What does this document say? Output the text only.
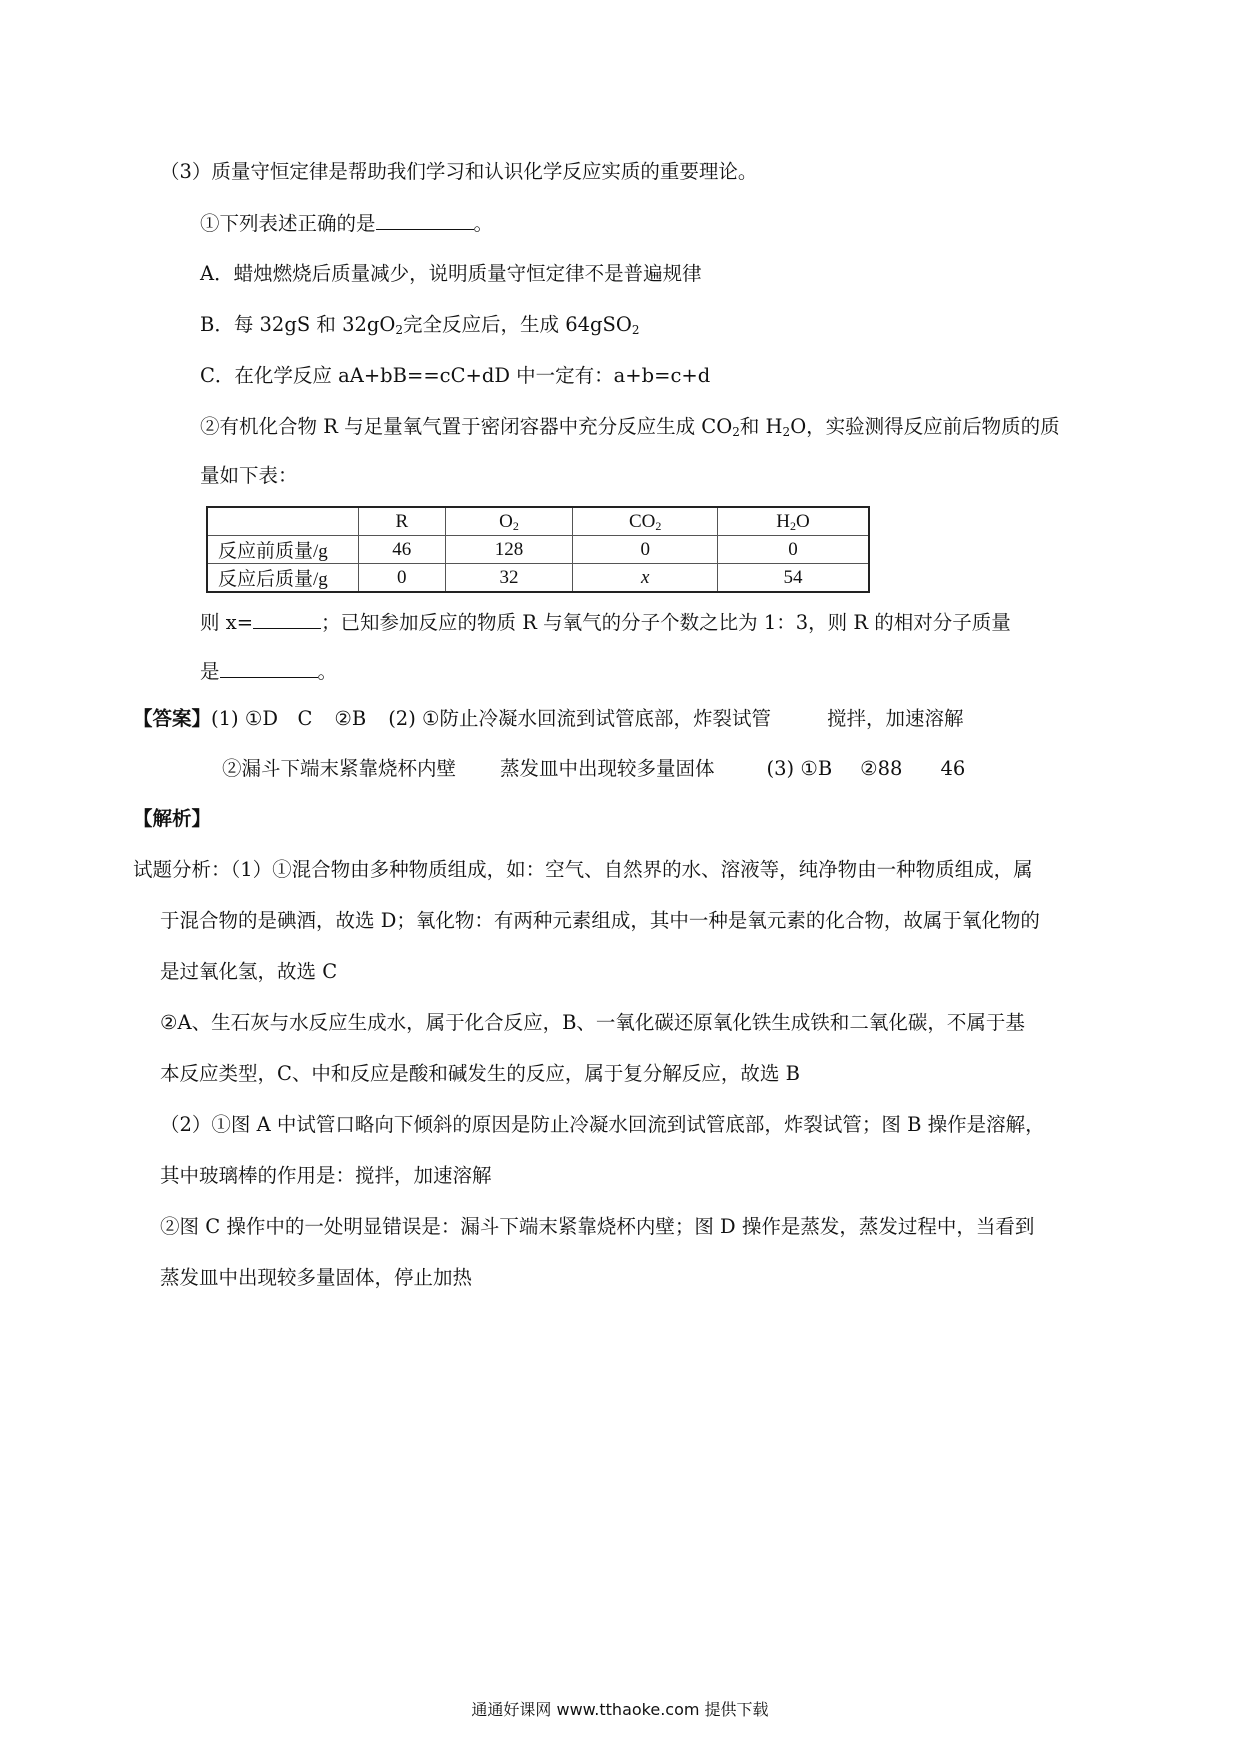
（3）质量守恒定律是帮助我们学习和认识化学反应实质的重要理论。
①下列表述正确的是	。
A．蜡烛燃烧后质量减少，说明质量守恒定律不是普遍规律
B．每 32gS 和 $32gO_2$完全反应后，生成 64gSO$_2$
C．在化学反应 aA+bB==cC+dD 中一定有：a+b=c+d
②有机化合物 R 与足量氧气置于密闭容器中充分反应生成 $CO_2$和 $H_2O$，实验测得反应前后物质的质
量如下表：
	R	$O_2$	$CO_2$	$H_2O$
反应前质量/g	46	128	0	0
反应后质量/g	0	32	x	54
则 x=	；已知参加反应的物质 R 与氧气的分子个数之比为 1：3，则 R 的相对分子质量
是	。
【答案】(1) ①D　C ②B (2) ①防止冷凝水回流到试管底部，炸裂试管	搅拌，加速溶解
②漏斗下端末紧靠烧杯内壁 蒸发皿中出现较多量固体	(3) ①B ②88 46
【解析】
试题分析：（1）①混合物由多种物质组成，如：空气、自然界的水、溶液等，纯净物由一种物质组成，属
于混合物的是碘酒，故选 D；氧化物：有两种元素组成，其中一种是氧元素的化合物，故属于氧化物的
是过氧化氢，故选 C
②A、生石灰与水反应生成水，属于化合反应，B、一氧化碳还原氧化铁生成铁和二氧化碳，不属于基
本反应类型，C、中和反应是酸和碱发生的反应，属于复分解反应，故选 B
（2）①图 A 中试管口略向下倾斜的原因是防止冷凝水回流到试管底部，炸裂试管；图 B 操作是溶解，
其中玻璃棒的作用是：搅拌，加速溶解
②图 C 操作中的一处明显错误是：漏斗下端末紧靠烧杯内壁；图 D 操作是蒸发，蒸发过程中，当看到
蒸发皿中出现较多量固体，停止加热
通通好课网 www.tthaoke.com 提供下载
